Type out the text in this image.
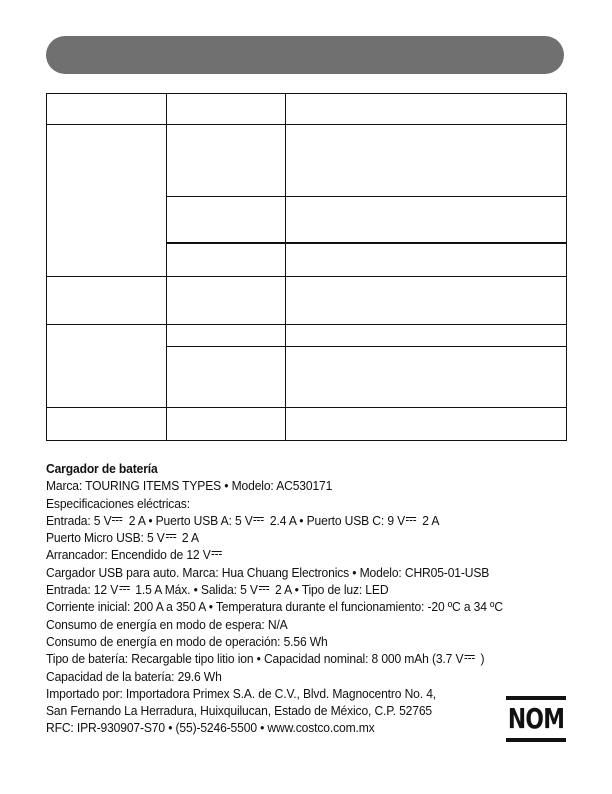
Cargador de batería
Marca: TOURING ITEMS TYPES • Modelo: AC530171
Especificaciones eléctricas:
Entrada: 5 V 2 A • Puerto USB A: 5 V 2.4 A • Puerto USB C: 9 V 2 A
Puerto Micro USB: 5 V 2 A
Arrancador: Encendido de 12 V
Cargador USB para auto. Marca: Hua Chuang Electronics • Modelo: CHR05-01-USB
Entrada: 12 V 1.5 A Máx. • Salida: 5 V 2 A • Tipo de luz: LED
Corriente inicial: 200 A a 350 A • Temperatura durante el funcionamiento: -20 ºC a 34 ºC
Consumo de energía en modo de espera: N/A
Consumo de energía en modo de operación: 5.56 Wh
Tipo de batería: Recargable tipo litio ion • Capacidad nominal: 8 000 mAh (3.7 V )
Capacidad de la batería: 29.6 Wh
Importado por: Importadora Primex S.A. de C.V., Blvd. Magnocentro No. 4,
San Fernando La Herradura, Huixquilucan, Estado de México, C.P. 52765
RFC: IPR-930907-S70 • (55)-5246-5500 • www.costco.com.mx	NOM
